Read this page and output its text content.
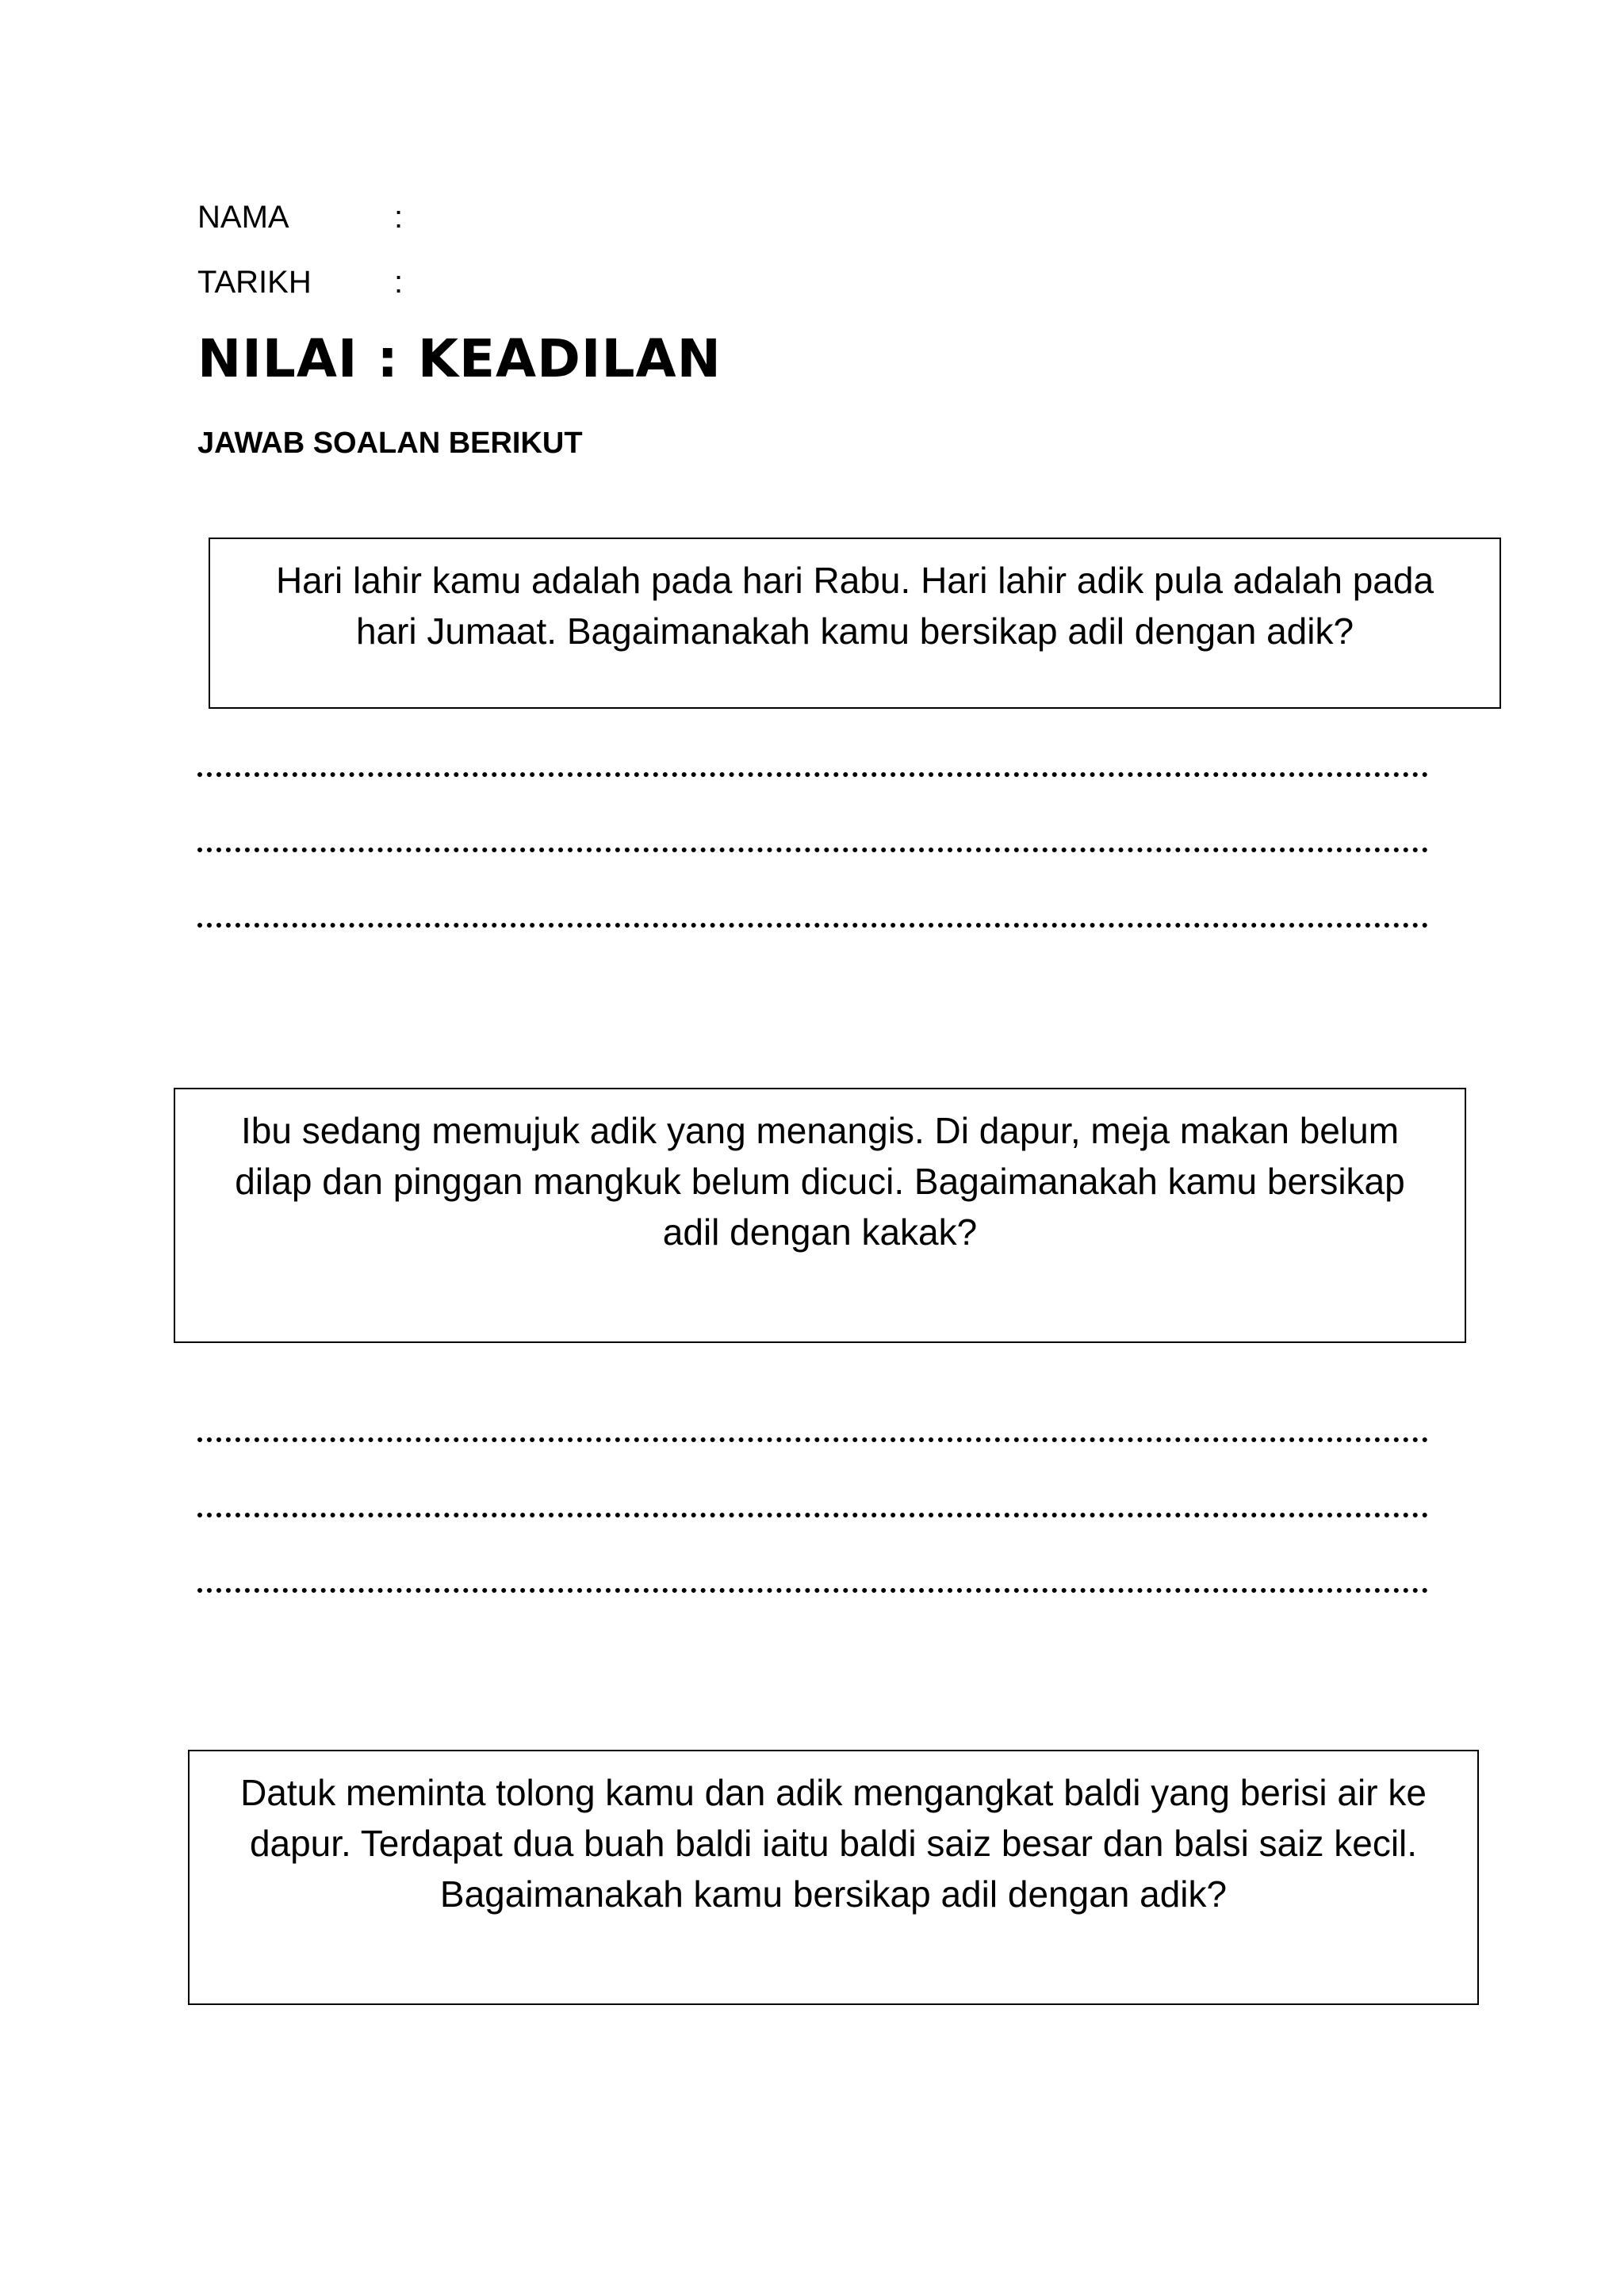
NAMA	:
TARIKH	:
NILAI : KEADILAN
JAWAB SOALAN BERIKUT
Hari lahir kamu adalah pada hari Rabu. Hari lahir adik pula adalah pada
hari Jumaat. Bagaimanakah kamu bersikap adil dengan adik?
Ibu sedang memujuk adik yang menangis. Di dapur, meja makan belum
dilap dan pinggan mangkuk belum dicuci. Bagaimanakah kamu bersikap
adil dengan kakak?
Datuk meminta tolong kamu dan adik mengangkat baldi yang berisi air ke
dapur. Terdapat dua buah baldi iaitu baldi saiz besar dan balsi saiz kecil.
Bagaimanakah kamu bersikap adil dengan adik?
